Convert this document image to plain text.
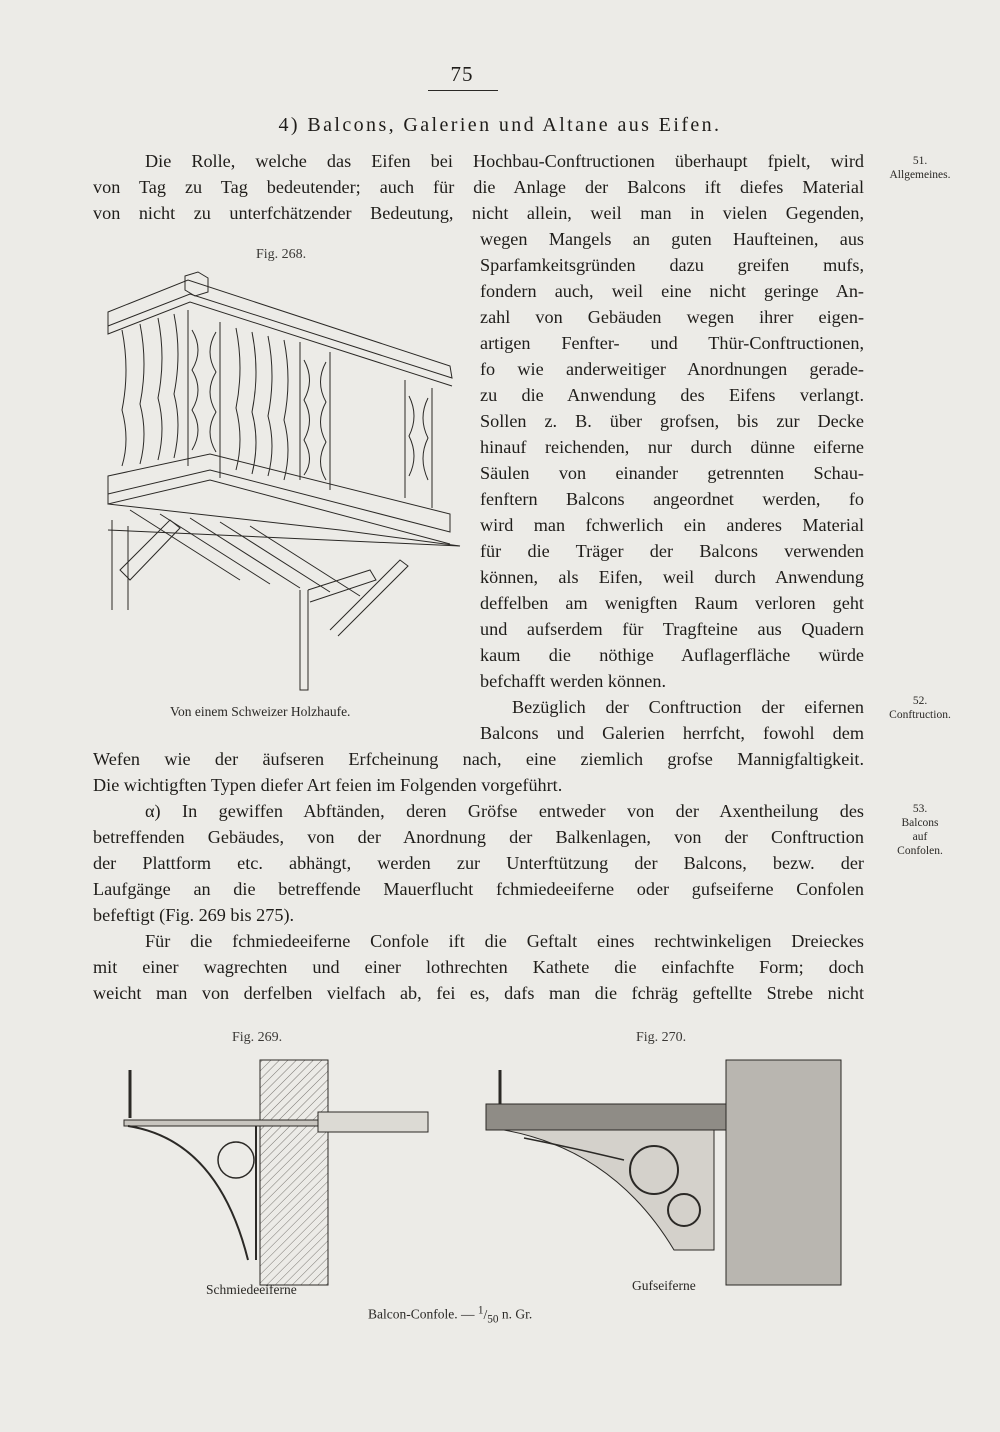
75
4) Balcons, Galerien und Altane aus Eifen.
51.
Allgemeines.
52.
Conftruction.
53.
Balcons
auf
Confolen.
Die Rolle, welche das Eifen bei Hochbau-Conftructionen überhaupt fpielt, wird
von Tag zu Tag bedeutender; auch für die Anlage der Balcons ift diefes Material
von nicht zu unterfchätzender Bedeutung, nicht allein, weil man in vielen Gegenden,
wegen Mangels an guten Haufteinen, aus
Sparfamkeitsgründen dazu greifen mufs,
fondern auch, weil eine nicht geringe An-
zahl von Gebäuden wegen ihrer eigen-
artigen Fenfter- und Thür-Conftructionen,
fo wie anderweitiger Anordnungen gerade-
zu die Anwendung des Eifens verlangt.
Sollen z. B. über grofsen, bis zur Decke
hinauf reichenden, nur durch dünne eiferne
Säulen von einander getrennten Schau-
fenftern Balcons angeordnet werden, fo
wird man fchwerlich ein anderes Material
für die Träger der Balcons verwenden
können, als Eifen, weil durch Anwendung
deffelben am wenigften Raum verloren geht
und aufserdem für Tragfteine aus Quadern
kaum die nöthige Auflagerfläche würde
befchafft werden können.
Bezüglich der Conftruction der eifernen
Balcons und Galerien herrfcht, fowohl dem
Wefen wie der äufseren Erfcheinung nach, eine ziemlich grofse Mannigfaltigkeit.
Die wichtigften Typen diefer Art feien im Folgenden vorgeführt.
α) In gewiffen Abftänden, deren Gröfse entweder von der Axentheilung des
betreffenden Gebäudes, von der Anordnung der Balkenlagen, von der Conftruction
der Plattform etc. abhängt, werden zur Unterftützung der Balcons, bezw. der
Laufgänge an die betreffende Mauerflucht fchmiedeeiferne oder gufseiferne Confolen
befeftigt (Fig. 269 bis 275).
Für die fchmiedeeiferne Confole ift die Geftalt eines rechtwinkeligen Dreieckes
mit einer wagrechten und einer lothrechten Kathete die einfachfte Form; doch
weicht man von derfelben vielfach ab, fei es, dafs man die fchräg geftellte Strebe nicht
Fig. 268.
Von einem Schweizer Holzhaufe.
Fig. 269.
Schmiedeeiferne
Fig. 270.
Gufseiferne
Balcon-Confole. — $^1/_{50}$ n. Gr.
